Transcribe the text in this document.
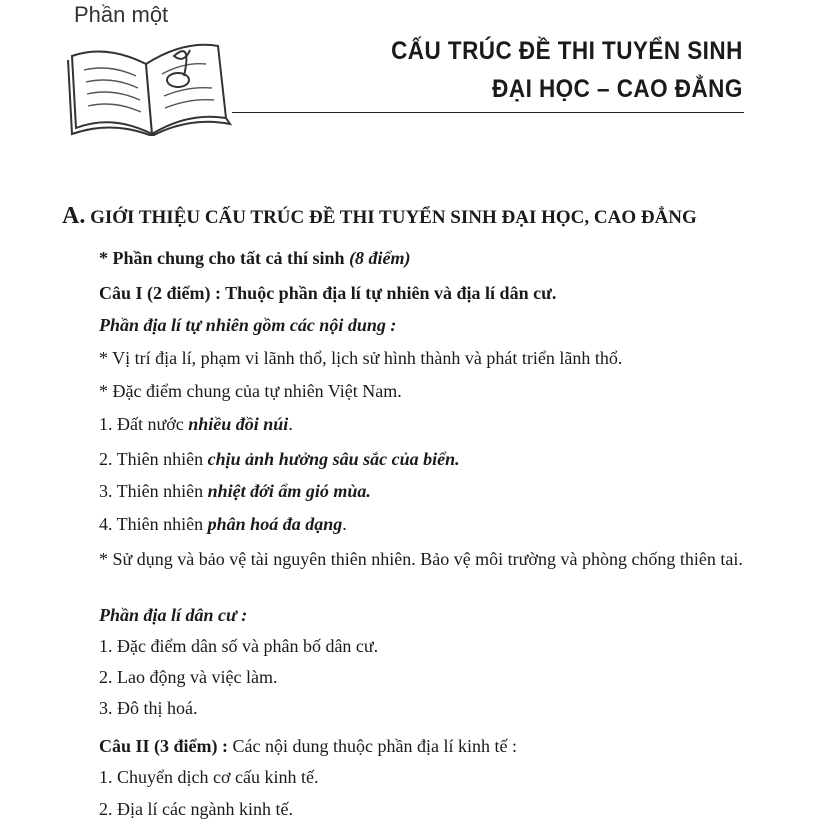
Phần một
CẤU TRÚC ĐỀ THI TUYỂN SINH
ĐẠI HỌC – CAO ĐẲNG
A. GIỚI THIỆU CẤU TRÚC ĐỀ THI TUYỂN SINH ĐẠI HỌC, CAO ĐẲNG
* Phần chung cho tất cả thí sinh (8 điểm)
Câu I (2 điểm) : Thuộc phần địa lí tự nhiên và địa lí dân cư.
Phần địa lí tự nhiên gồm các nội dung :
* Vị trí địa lí, phạm vi lãnh thổ, lịch sử hình thành và phát triển lãnh thổ.
* Đặc điểm chung của tự nhiên Việt Nam.
1. Đất nước nhiều đồi núi.
2. Thiên nhiên chịu ảnh hưởng sâu sắc của biển.
3. Thiên nhiên nhiệt đới ẩm gió mùa.
4. Thiên nhiên phân hoá đa dạng.
* Sử dụng và bảo vệ tài nguyên thiên nhiên. Bảo vệ môi trường và phòng chống thiên tai.
Phần địa lí dân cư :
1. Đặc điểm dân số và phân bố dân cư.
2. Lao động và việc làm.
3. Đô thị hoá.
Câu II (3 điểm) : Các nội dung thuộc phần địa lí kinh tế :
1. Chuyển dịch cơ cấu kinh tế.
2. Địa lí các ngành kinh tế.
